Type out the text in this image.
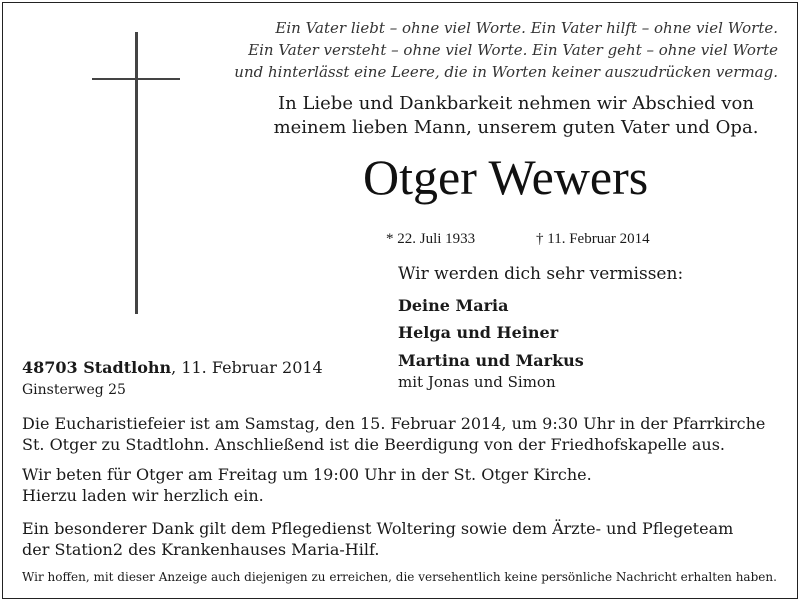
Ein Vater liebt – ohne viel Worte. Ein Vater hilft – ohne viel Worte.
Ein Vater versteht – ohne viel Worte. Ein Vater geht – ohne viel Worte
und hinterlässt eine Leere, die in Worten keiner auszudrücken vermag.
In Liebe und Dankbarkeit nehmen wir Abschied von
meinem lieben Mann, unserem guten Vater und Opa.
Otger Wewers
* 22. Juli 1933	† 11. Februar 2014
Wir werden dich sehr vermissen:
Deine Maria
Helga und Heiner
Martina und Markus
mit Jonas und Simon
48703 Stadtlohn, 11. Februar 2014
Ginsterweg 25
Die Eucharistiefeier ist am Samstag, den 15. Februar 2014, um 9:30 Uhr in der Pfarrkirche
St. Otger zu Stadtlohn. Anschließend ist die Beerdigung von der Friedhofskapelle aus.
Wir beten für Otger am Freitag um 19:00 Uhr in der St. Otger Kirche.
Hierzu laden wir herzlich ein.
Ein besonderer Dank gilt dem Pflegedienst Woltering sowie dem Ärzte- und Pflegeteam
der Station2 des Krankenhauses Maria-Hilf.
Wir hoffen, mit dieser Anzeige auch diejenigen zu erreichen, die versehentlich keine persönliche Nachricht erhalten haben.
